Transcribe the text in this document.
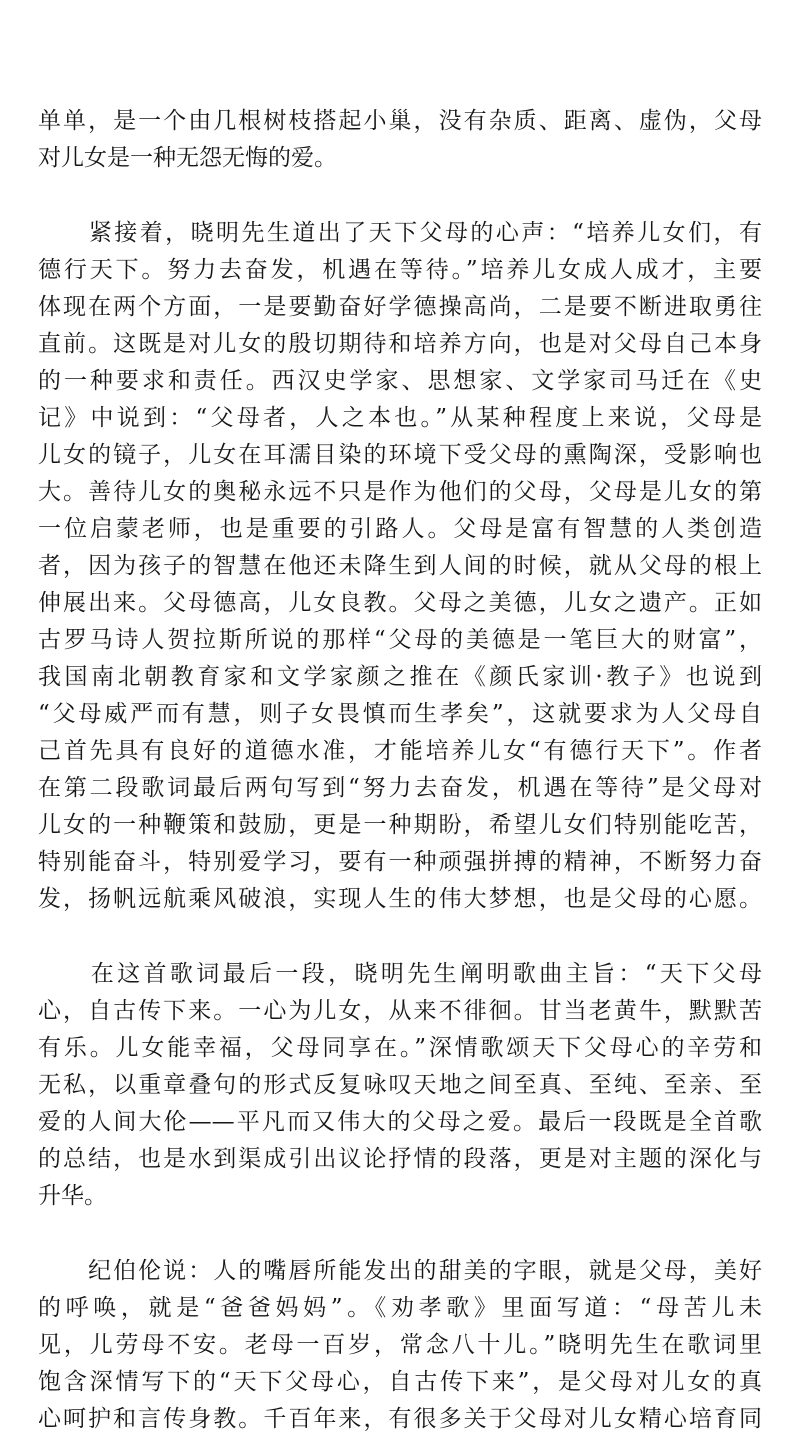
单单，是一个由几根树枝搭起小巢，没有杂质、距离、虚伪，父母
对儿女是一种无怨无悔的爱。
　　紧接着，晓明先生道出了天下父母的心声：“培养儿女们，有
德行天下。努力去奋发，机遇在等待。”培养儿女成人成才，主要
体现在两个方面，一是要勤奋好学德操高尚，二是要不断进取勇往
直前。这既是对儿女的殷切期待和培养方向，也是对父母自己本身
的一种要求和责任。西汉史学家、思想家、文学家司马迁在《史
记》中说到：“父母者，人之本也。”从某种程度上来说，父母是
儿女的镜子，儿女在耳濡目染的环境下受父母的熏陶深，受影响也
大。善待儿女的奥秘永远不只是作为他们的父母，父母是儿女的第
一位启蒙老师，也是重要的引路人。父母是富有智慧的人类创造
者，因为孩子的智慧在他还未降生到人间的时候，就从父母的根上
伸展出来。父母德高，儿女良教。父母之美德，儿女之遗产。正如
古罗马诗人贺拉斯所说的那样“父母的美德是一笔巨大的财富”，
我国南北朝教育家和文学家颜之推在《颜氏家训·教子》也说到
“父母威严而有慧，则子女畏慎而生孝矣”，这就要求为人父母自
己首先具有良好的道德水准，才能培养儿女“有德行天下”。作者
在第二段歌词最后两句写到“努力去奋发，机遇在等待”是父母对
儿女的一种鞭策和鼓励，更是一种期盼，希望儿女们特别能吃苦，
特别能奋斗，特别爱学习，要有一种顽强拼搏的精神，不断努力奋
发，扬帆远航乘风破浪，实现人生的伟大梦想，也是父母的心愿。
　　在这首歌词最后一段，晓明先生阐明歌曲主旨：“天下父母
心，自古传下来。一心为儿女，从来不徘徊。甘当老黄牛，默默苦
有乐。儿女能幸福，父母同享在。”深情歌颂天下父母心的辛劳和
无私，以重章叠句的形式反复咏叹天地之间至真、至纯、至亲、至
爱的人间大伦——平凡而又伟大的父母之爱。最后一段既是全首歌
的总结，也是水到渠成引出议论抒情的段落，更是对主题的深化与
升华。
　　纪伯伦说：人的嘴唇所能发出的甜美的字眼，就是父母，美好
的呼唤，就是“爸爸妈妈”。《劝孝歌》里面写道：“母苦儿未
见，儿劳母不安。老母一百岁，常念八十儿。”晓明先生在歌词里
饱含深情写下的“天下父母心，自古传下来”，是父母对儿女的真
心呵护和言传身教。千百年来，有很多关于父母对儿女精心培育同
